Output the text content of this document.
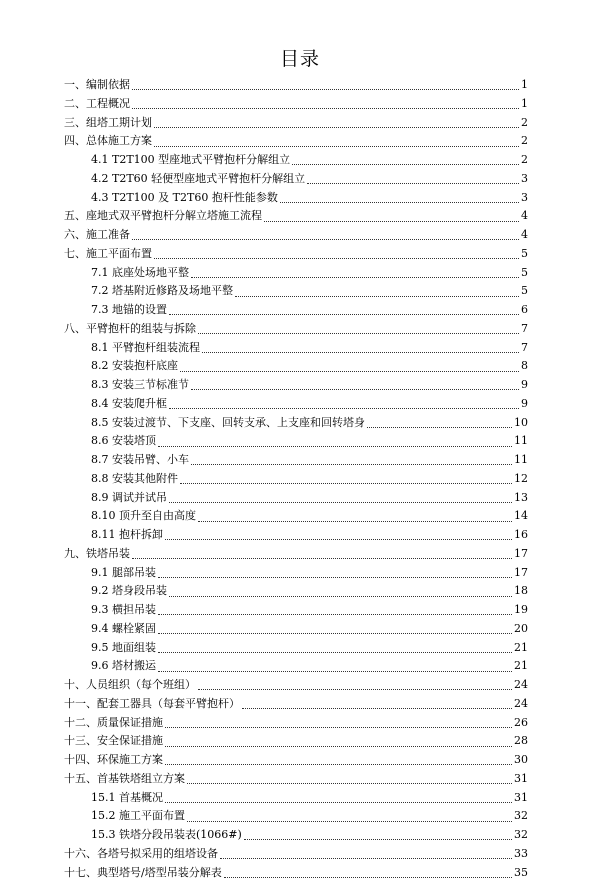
目录
一、编制依据	1
二、工程概况	1
三、组塔工期计划	2
四、总体施工方案	2
4.1 T2T100 型座地式平臂抱杆分解组立	2
4.2 T2T60 轻便型座地式平臂抱杆分解组立	3
4.3 T2T100 及 T2T60 抱杆性能参数	3
五、座地式双平臂抱杆分解立塔施工流程	4
六、施工准备	4
七、施工平面布置	5
7.1 底座处场地平整	5
7.2 塔基附近修路及场地平整	5
7.3 地锚的设置	6
八、平臂抱杆的组装与拆除	7
8.1 平臂抱杆组装流程	7
8.2 安装抱杆底座	8
8.3 安装三节标准节	9
8.4 安装爬升框	9
8.5 安装过渡节、下支座、回转支承、上支座和回转塔身	10
8.6 安装塔顶	11
8.7 安装吊臂、小车	11
8.8 安装其他附件	12
8.9 调试并试吊	13
8.10 顶升至自由高度	14
8.11 抱杆拆卸	16
九、铁塔吊装	17
9.1 腿部吊装	17
9.2 塔身段吊装	18
9.3 横担吊装	19
9.4 螺栓紧固	20
9.5 地面组装	21
9.6 塔材搬运	21
十、人员组织（每个班组）	24
十一、配套工器具（每套平臂抱杆）	24
十二、质量保证措施	26
十三、安全保证措施	28
十四、环保施工方案	30
十五、首基铁塔组立方案	31
15.1 首基概况	31
15.2 施工平面布置	32
15.3 铁塔分段吊装表(1066#)	32
十六、各塔号拟采用的组塔设备	33
十七、典型塔号/塔型吊装分解表	35
